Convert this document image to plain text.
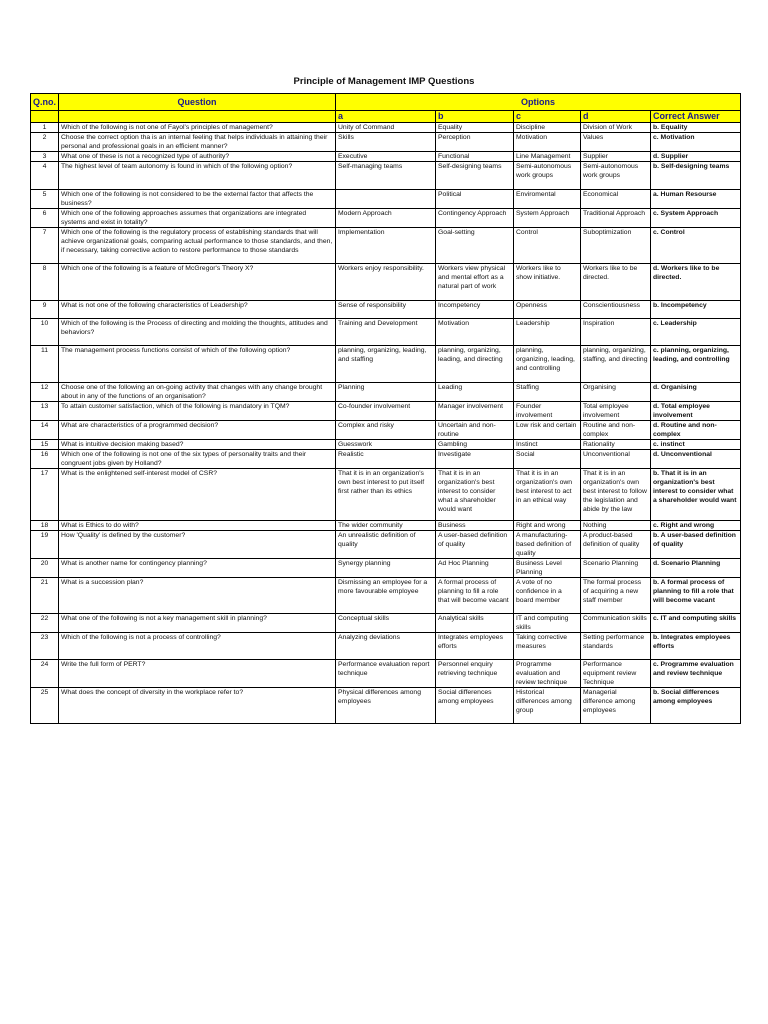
Principle of Management IMP Questions
Q.no.	Question	Options				
		a	b	c	d	Correct Answer
1	Which of the following is not one of Fayol's principles of management?	Unity of Command	Equality	Discipline	Division of Work	b. Equality
2	Choose the correct option tha is an internal feeling that helps individuals in attaining their personal and professional goals in an efficient manner?	Skills	Perception	Motivation	Values	c. Motivation
3	What one of these is not a recognized type of authority?	Executive	Functional	Line Management	Supplier	d. Supplier
4	The highest level of team autonomy is found in which of the following option?	Self-managing teams	Self-designing teams	Semi-autonomous work groups	Semi-autonomous work groups	b. Self-designing teams
5	Which one of the following is not considered to be the external factor that affects the business?		Political	Enviromental	Economical	a. Human Resourse
6	Which one of the following approaches assumes that organizations are integrated systems and exist in totality?	Modern Approach	Contingency Approach	System Approach	Traditional Approach	c. System Approach
7	Which one of the following is the regulatory process of establishing standards that will achieve organizational goals, comparing actual performance to those standards, and then, if necessary, taking corrective action to restore performance to those standards	Implementation	Goal-setting	Control	Suboptimization	c. Control
8	Which one of the following is a feature of McGregor's Theory X?	Workers enjoy responsibility.	Workers view physical and mental effort as a natural part of work	Workers like to show initiative.	Workers like to be directed.	d. Workers like to be directed.
9	What is not one of the following characteristics of Leadership?	Sense of responsibility	Incompetency	Openness	Conscientiousness	b. Incompetency
10	Which of the following is the Process of directing and molding the thoughts, attitudes and behaviors?	Training and Development	Motivation	Leadership	Inspiration	c. Leadership
11	The management process functions consist of which of the following option?	planning, organizing, leading, and staffing	planning, organizing, leading, and directing	planning, organizing, leading, and controlling	planning, organizing, staffing, and directing	c. planning, organizing, leading, and controlling
12	Choose one of the following an on-going activity that changes with any change brought about in any of the functions of an organisation?	Planning	Leading	Staffing	Organising	d. Organising
13	To attain customer satisfaction, which of the following is mandatory in TQM?	Co-founder involvement	Manager involvement	Founder involvement	Total employee involvement	d. Total employee involvement
14	What are characteristics of a programmed decision?	Complex and risky	Uncertain and non-routine	Low risk and certain	Routine and non-complex	d. Routine and non-complex
15	What is intuitive decision making based?	Guesswork	Gambling	Instinct	Rationality	c. instinct
16	Which one of the following is not one of the six types of personality traits and their congruent jobs given by Holland?	Realistic	Investigate	Social	Unconventional	d. Unconventional
17	What is the enlightened self-interest model of CSR?	That it is in an organization's own best interest to put itself first rather than its ethics	That it is in an organization's best interest to consider what a shareholder would want	That it is in an organization's own best interest to act in an ethical way	That it is in an organization's own best interest to follow the legislation and abide by the law	b. That it is in an organization's best interest to consider what a shareholder would want
18	What is Ethics to do with?	The wider community	Business	Right and wrong	Nothing	c. Right and wrong
19	How 'Quality' is defined by the customer?	An unrealistic definition of quality	A user-based definition of quality	A manufacturing-based definition of quality	A product-based definition of quality	b. A user-based definition of quality
20	What is another name for contingency planning?	Synergy planning	Ad Hoc Planning	Business Level Planning	Scenario Planning	d. Scenario Planning
21	What is a succession plan?	Dismissing an employee for a more favourable employee	A formal process of planning to fill a role that will become vacant	A vote of no confidence in a board member	The formal process of acquiring a new staff member	b. A formal process of planning to fill a role that will become vacant
22	What one of the following is not a key management skill in planning?	Conceptual skills	Analytical skills	IT and computing skills	Communication skills	c. IT and computing skills
23	Which of the following is not a process of controlling?	Analyzing deviations	Integrates employees efforts	Taking corrective measures	Setting performance standards	b. Integrates employees efforts
24	Write the full form of PERT?	Performance evaluation report technique	Personnel enquiry retrieving technique	Programme evaluation and review technique	Performance equipment review Technique	c. Programme evaluation and review technique
25	What does the concept of diversity in the workplace refer to?	Physical differences among employees	Social differences among employees	Historical differences among group	Managerial difference among employees	b. Social differences among employees
